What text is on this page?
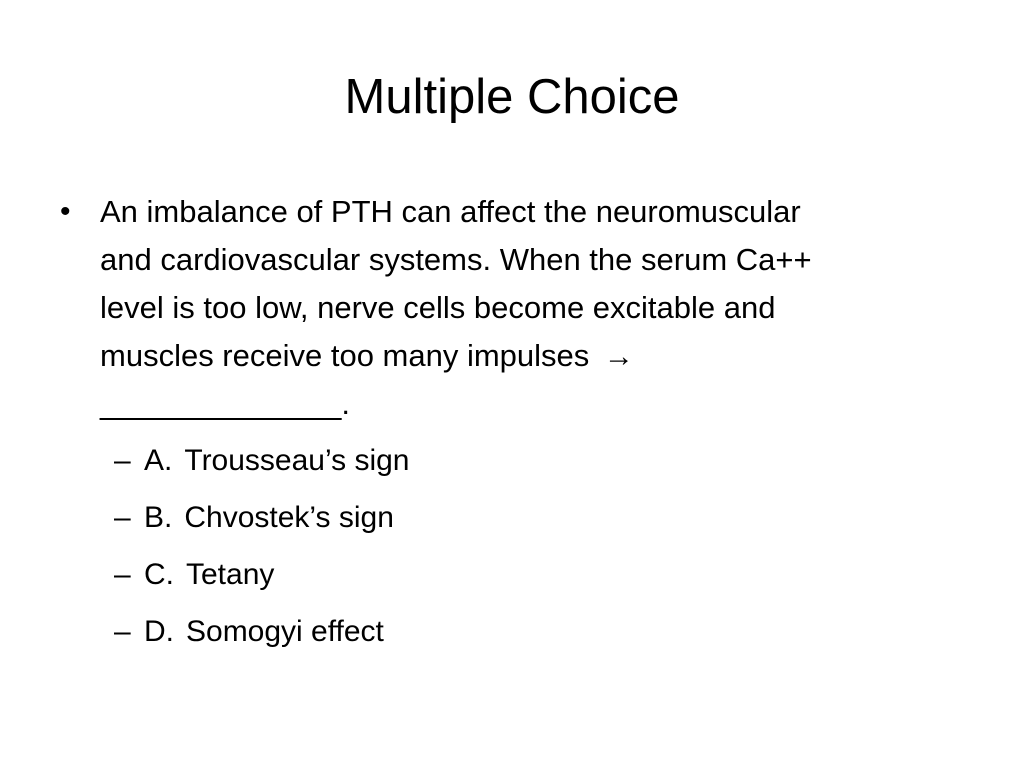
Multiple Choice
• An imbalance of PTH can affect the neuromuscular
and cardiovascular systems. When the serum Ca++
level is too low, nerve cells become excitable and
muscles receive too many impulses →
______________.
– A. Trousseau’s sign
– B. Chvostek’s sign
– C. Tetany
– D. Somogyi effect
